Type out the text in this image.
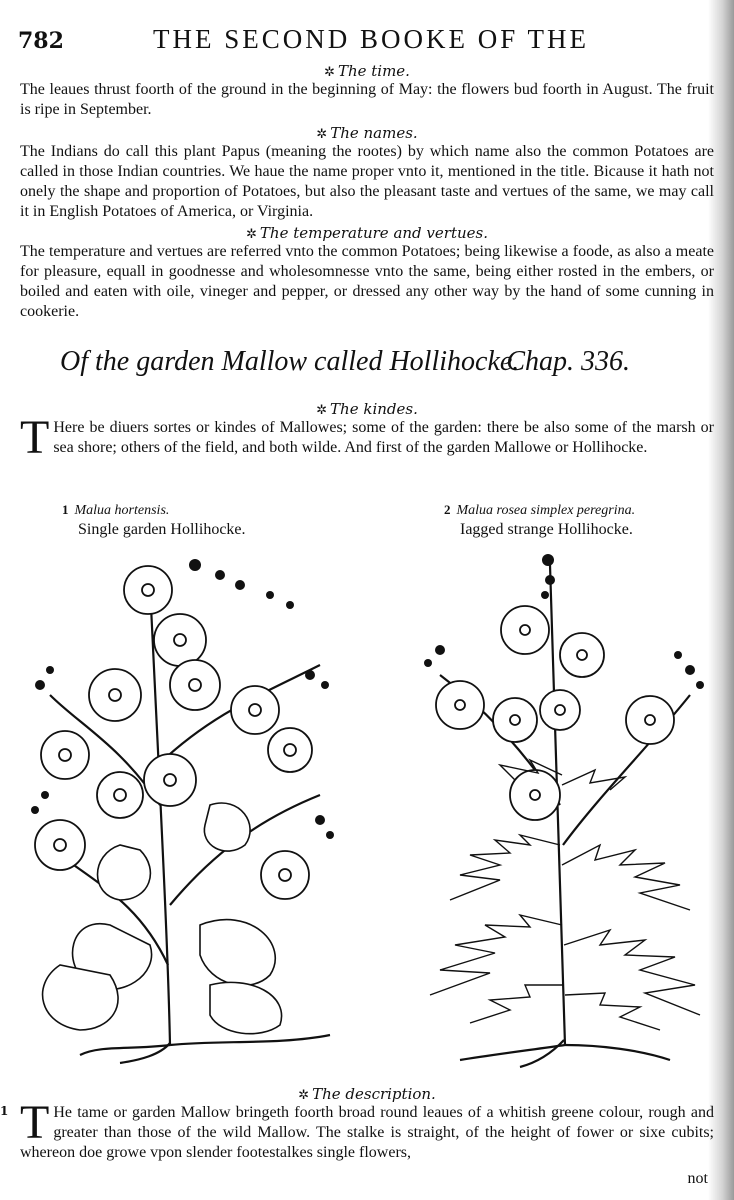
782	THE SECOND BOOKE OF THE
✲ The time.
The leaues thrust foorth of the ground in the beginning of May: the flowers bud foorth in August. The fruit is ripe in September.
✲ The names.
The Indians do call this plant Papus (meaning the rootes) by which name also the common Potatoes are called in those Indian countries. We haue the name proper vnto it, mentioned in the title. Bicause it hath not onely the shape and proportion of Potatoes, but also the pleasant taste and vertues of the same, we may call it in English Potatoes of America, or Virginia.
✲ The temperature and vertues.
The temperature and vertues are referred vnto the common Potatoes; being likewise a foode, as also a meate for pleasure, equall in goodnesse and wholesomnesse vnto the same, being either rosted in the embers, or boiled and eaten with oile, vineger and pepper, or dressed any other way by the hand of some cunning in cookerie.
Of the garden Mallow called Hollihocke.
Chap. 336.
✲ The kindes.
T Here be diuers sortes or kindes of Mallowes; some of the garden: there be also some of the marsh or sea shore; others of the field, and both wilde. And first of the garden Mallowe or Hollihocke.
1 Malua hortensis.
Single garden Hollihocke.
2 Malua rosea simplex peregrina.
Iagged strange Hollihocke.
✲ The description.
1 T He tame or garden Mallow bringeth foorth broad round leaues of a whitish greene colour, rough and greater than those of the wild Mallow. The stalke is straight, of the height of fower or sixe cubits; whereon doe growe vpon slender footestalkes single flowers,
not
